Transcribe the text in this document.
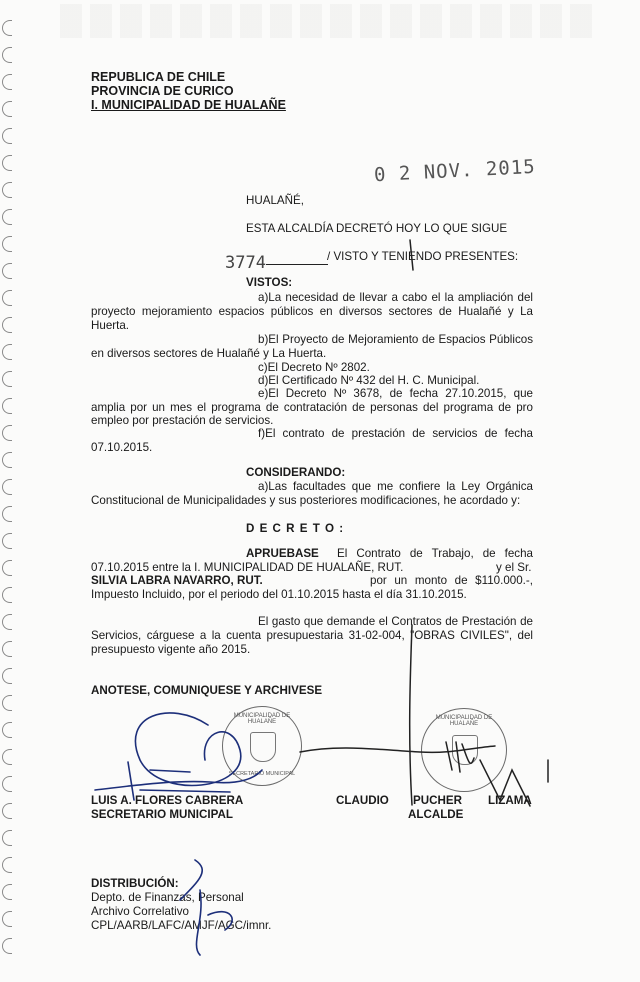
REPUBLICA DE CHILE
PROVINCIA DE CURICO
I. MUNICIPALIDAD DE HUALAÑE
0 2 NOV. 2015
HUALAÑÉ,
ESTA ALCALDÍA DECRETÓ HOY LO QUE SIGUE
3774	/ VISTO Y TENIENDO PRESENTES:
VISTOS:
a)La necesidad de llevar a cabo el la ampliación del
proyecto mejoramiento espacios públicos en diversos sectores de Hualañé y La
Huerta.
b)El Proyecto de Mejoramiento de Espacios Públicos
en diversos sectores de Hualañé y La Huerta.
c)El Decreto Nº 2802.
d)El Certificado Nº 432 del H. C. Municipal.
e)El Decreto Nº 3678, de fecha 27.10.2015, que
amplia por un mes el programa de contratación de personas del programa de pro
empleo por prestación de servicios.
f)El contrato de prestación de servicios de fecha
07.10.2015.
CONSIDERANDO:
a)Las facultades que me confiere la Ley Orgánica
Constitucional de Municipalidades y sus posteriores modificaciones, he acordado y:
D E C R E T O :
APRUEBASE El Contrato de Trabajo, de fecha
07.10.2015 entre la I. MUNICIPALIDAD DE HUALAÑE, RUT.	y el Sr.
SILVIA LABRA NAVARRO, RUT.	por un monto de $110.000.-,
Impuesto Incluido, por el periodo del 01.10.2015 hasta el día 31.10.2015.
El gasto que demande el Contratos de Prestación de
Servicios, cárguese a la cuenta presupuestaria 31-02-004, "OBRAS CIVILES", del
presupuesto vigente año 2015.
ANOTESE, COMUNIQUESE Y ARCHIVESE
MUNICIPALIDAD DE HUALAÑE
SECRETARIO MUNICIPAL
MUNICIPALIDAD DE HUALAÑE
LUIS A. FLORES CABRERA
SECRETARIO MUNICIPAL
CLAUDIO PUCHER LIZAMA
ALCALDE
DISTRIBUCIÓN:
Depto. de Finanzas, Personal
Archivo Correlativo
CPL/AARB/LAFC/AMJF/AGC/imnr.
